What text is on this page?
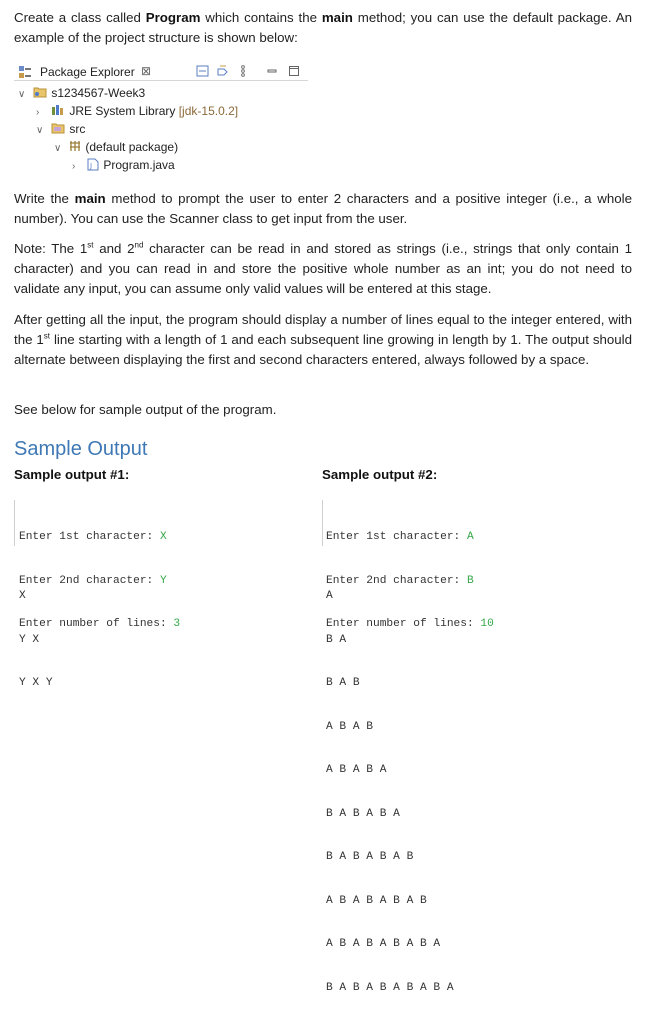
Create a class called Program which contains the main method; you can use the default package. An example of the project structure is shown below:

Package Explorer ⊠
∨ s1234567-Week3
›	JRE System Library [jdk-15.0.2]
∨ src
∨ (default package)
› J Program.java

Write the main method to prompt the user to enter 2 characters and a positive integer (i.e., a whole number). You can use the Scanner class to get input from the user.

Note: The 1st and 2nd character can be read in and stored as strings (i.e., strings that only contain 1 character) and you can read in and store the positive whole number as an int; you do not need to validate any input, you can assume only valid values will be entered at this stage.

After getting all the input, the program should display a number of lines equal to the integer entered, with the 1st line starting with a length of 1 and each subsequent line growing in length by 1. The output should alternate between displaying the first and second characters entered, always followed by a space.

See below for sample output of the program.

Sample Output
Sample output #1:

Enter 1st character: X

Enter 2nd character: Y

Enter number of lines: 3

X

Y X

Y X Y

Sample output #2:

Enter 1st character: A

Enter 2nd character: B

Enter number of lines: 10

A

B A

B A B

A B A B

A B A B A

B A B A B A

B A B A B A B

A B A B A B A B

A B A B A B A B A

B A B A B A B A B A
